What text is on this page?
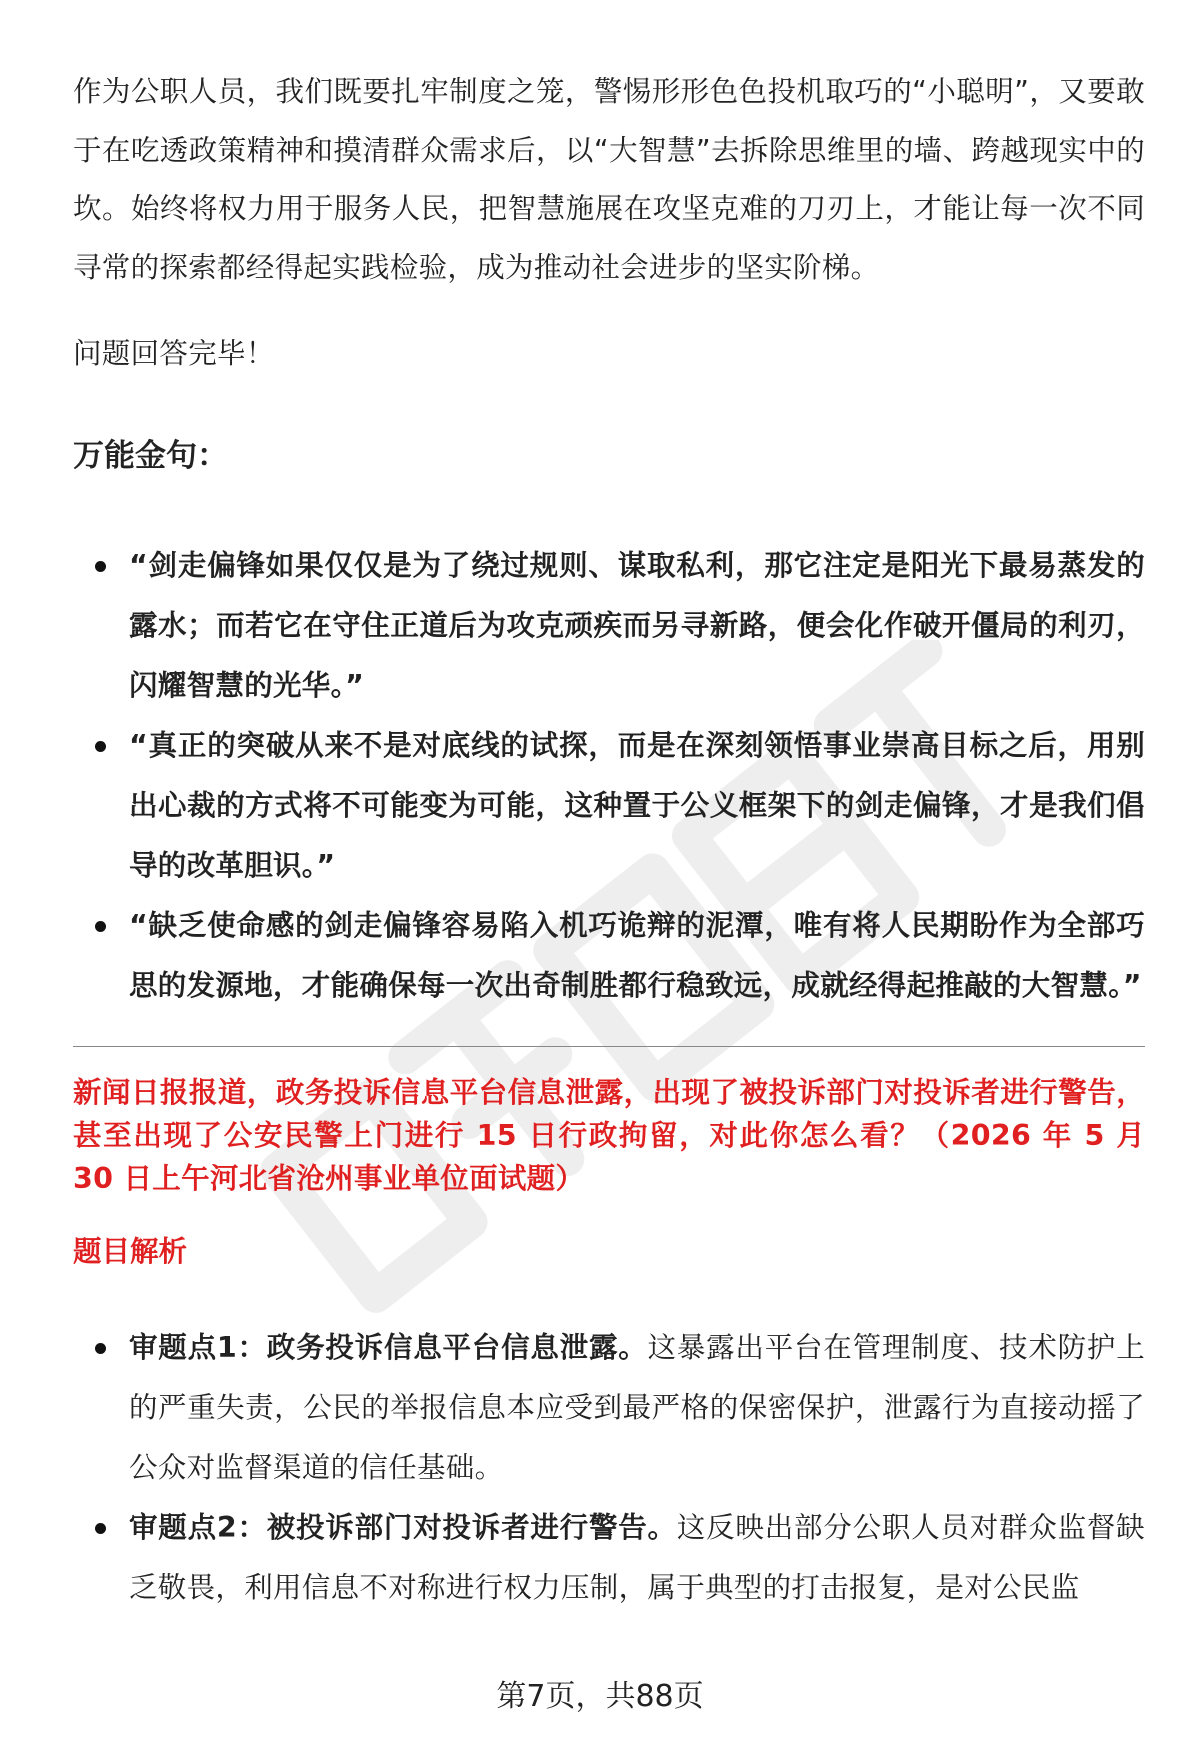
作为公职人员，我们既要扎牢制度之笼，警惕形形色色投机取巧的“小聪明”，又要敢于在吃透政策精神和摸清群众需求后，以“大智慧”去拆除思维里的墙、跨越现实中的坎。始终将权力用于服务人民，把智慧施展在攻坚克难的刀刃上，才能让每一次不同寻常的探索都经得起实践检验，成为推动社会进步的坚实阶梯。

问题回答完毕！

万能金句：
“剑走偏锋如果仅仅是为了绕过规则、谋取私利，那它注定是阳光下最易蒸发的露水；而若它在守住正道后为攻克顽疾而另寻新路，便会化作破开僵局的利刃，闪耀智慧的光华。”
“真正的突破从来不是对底线的试探，而是在深刻领悟事业崇高目标之后，用别出心裁的方式将不可能变为可能，这种置于公义框架下的剑走偏锋，才是我们倡导的改革胆识。”
“缺乏使命感的剑走偏锋容易陷入机巧诡辩的泥潭，唯有将人民期盼作为全部巧思的发源地，才能确保每一次出奇制胜都行稳致远，成就经得起推敲的大智慧。”

新闻日报报道，政务投诉信息平台信息泄露，出现了被投诉部门对投诉者进行警告，甚至出现了公安民警上门进行 15 日行政拘留，对此你怎么看？（2026 年 5 月 30 日上午河北省沧州事业单位面试题）

题目解析

审题点1：政务投诉信息平台信息泄露。这暴露出平台在管理制度、技术防护上的严重失责，公民的举报信息本应受到最严格的保密保护，泄露行为直接动摇了公众对监督渠道的信任基础。
审题点2：被投诉部门对投诉者进行警告。这反映出部分公职人员对群众监督缺乏敬畏，利用信息不对称进行权力压制，属于典型的打击报复，是对公民监
第7页，共88页
